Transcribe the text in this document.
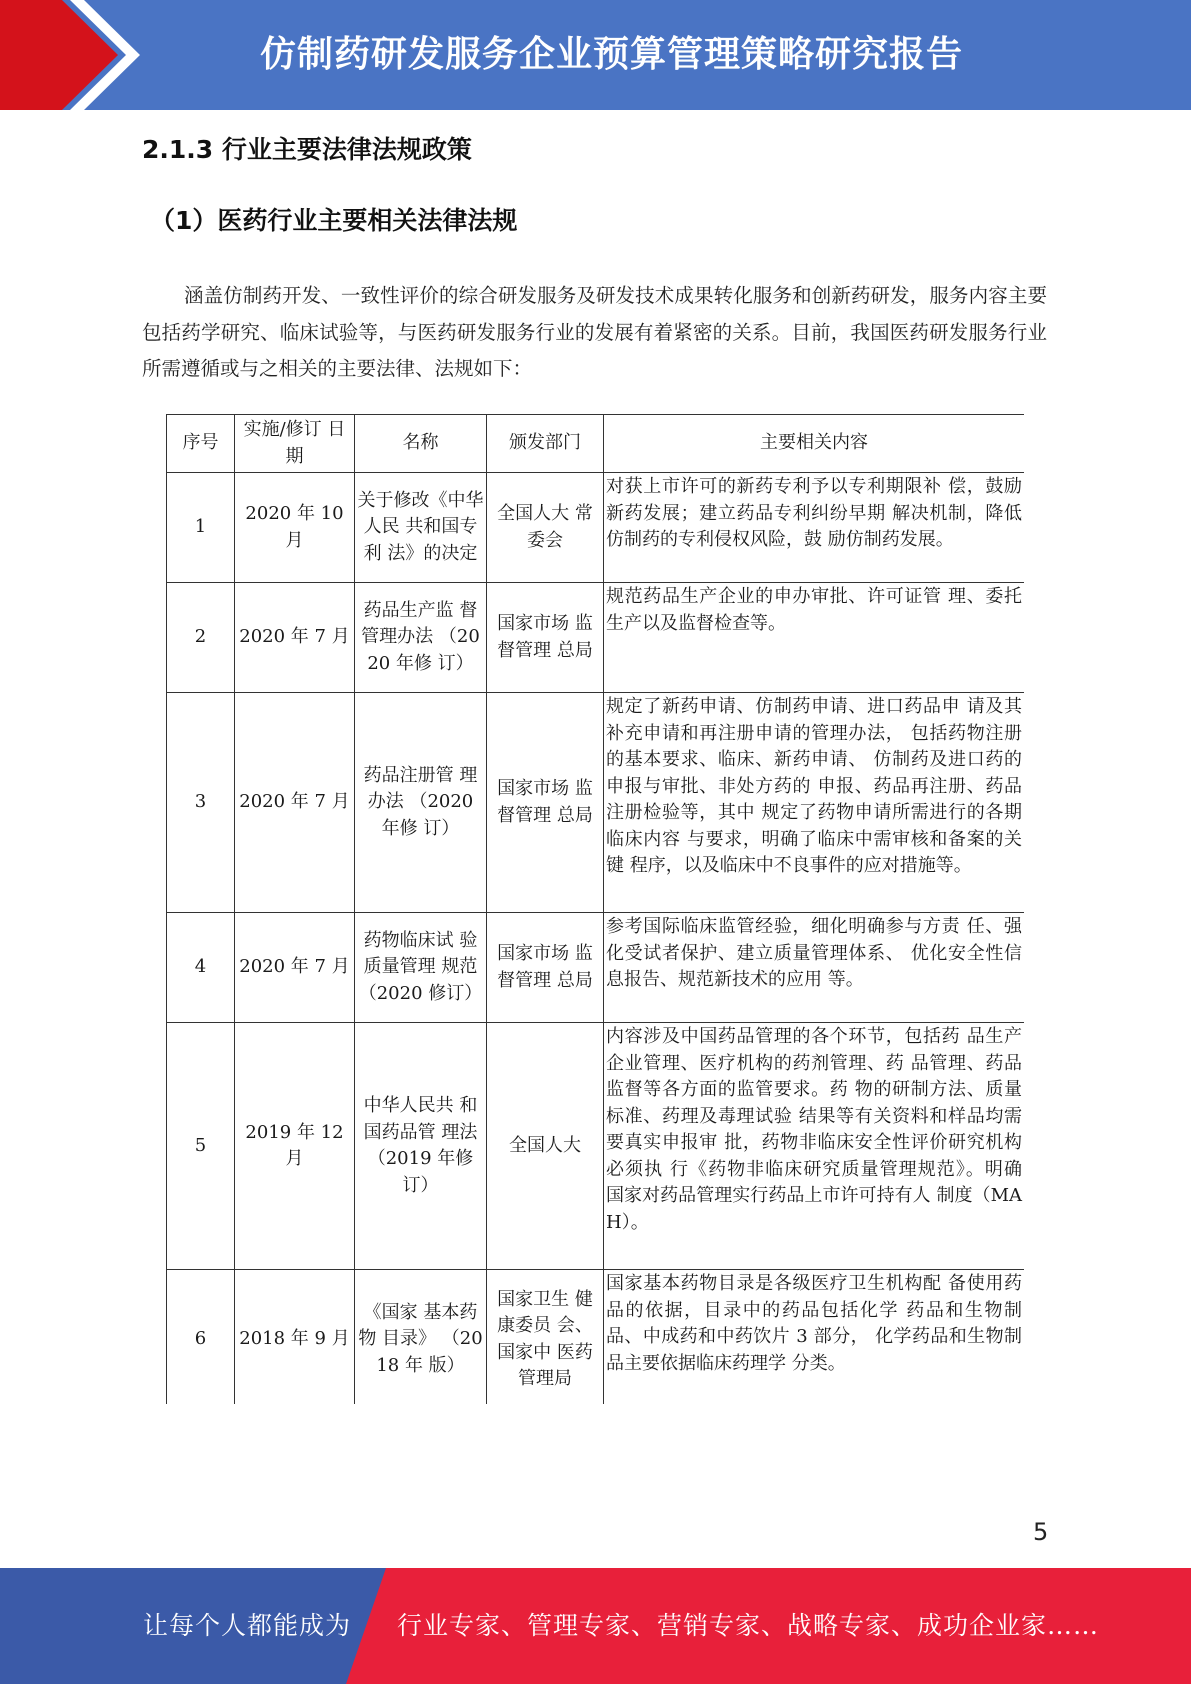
仿制药研发服务企业预算管理策略研究报告
2.1.3 行业主要法律法规政策
（1）医药行业主要相关法律法规
涵盖仿制药开发、一致性评价的综合研发服务及研发技术成果转化服务和创新药研发，服务内容主要包括药学研究、临床试验等，与医药研发服务行业的发展有着紧密的关系。目前，我国医药研发服务行业所需遵循或与之相关的主要法律、法规如下：
序号	实施/修订 日期	名称	颁发部门	主要相关内容
1	2020 年 10 月	关于修改《中华人民 共和国专利 法》的决定	全国人大 常委会	对获上市许可的新药专利予以专利期限补 偿，鼓励新药发展；建立药品专利纠纷早期 解决机制，降低仿制药的专利侵权风险，鼓 励仿制药发展。
2	2020 年 7 月	药品生产监 督管理办法 （2020 年修 订）	国家市场 监督管理 总局	规范药品生产企业的申办审批、许可证管 理、委托生产以及监督检查等。
3	2020 年 7 月	药品注册管 理办法 （2020 年修 订）	国家市场 监督管理 总局	规定了新药申请、仿制药申请、进口药品申 请及其补充申请和再注册申请的管理办法， 包括药物注册的基本要求、临床、新药申请、 仿制药及进口药的申报与审批、非处方药的 申报、药品再注册、药品注册检验等，其中 规定了药物申请所需进行的各期临床内容 与要求，明确了临床中需审核和备案的关键 程序，以及临床中不良事件的应对措施等。
4	2020 年 7 月	药物临床试 验质量管理 规范（2020 修订）	国家市场 监督管理 总局	参考国际临床监管经验，细化明确参与方责 任、强化受试者保护、建立质量管理体系、 优化安全性信息报告、规范新技术的应用 等。
5	2019 年 12 月	中华人民共 和国药品管 理法（2019 年修订）	全国人大	内容涉及中国药品管理的各个环节，包括药 品生产企业管理、医疗机构的药剂管理、药 品管理、药品监督等各方面的监管要求。药 物的研制方法、质量标准、药理及毒理试验 结果等有关资料和样品均需要真实申报审 批，药物非临床安全性评价研究机构必须执 行《药物非临床研究质量管理规范》。明确 国家对药品管理实行药品上市许可持有人 制度（MAH）。
6	2018 年 9 月	《国家 基本药物 目录》 （2018 年 版）	国家卫生 健康委员 会、国家中 医药管理局	国家基本药物目录是各级医疗卫生机构配 备使用药品的依据，目录中的药品包括化学 药品和生物制品、中成药和中药饮片 3 部分， 化学药品和生物制品主要依据临床药理学 分类。
5
让每个人都能成为 行业专家、管理专家、营销专家、战略专家、成功企业家……
